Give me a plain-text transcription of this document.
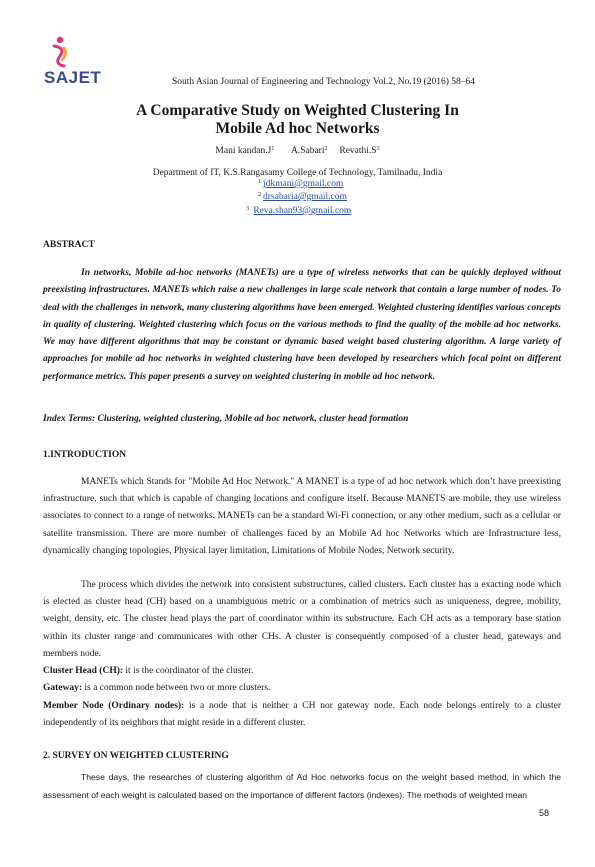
SAJET	South Asian Journal of Engineering and Technology Vol.2, No.19 (2016) 58–64
A Comparative Study on Weighted Clustering In
Mobile Ad hoc Networks
Mani $kandan.J^1$ A.Sabari$^2$ $Revathi.S^3$
Department of IT, K.S.Rangasamy College of Technology, Tamilnadu, India
$^1$ jdkmani@gmail.com
$^2$ drsabaria@gmail.com
$^3$ Reva.shan93@gmail.com
ABSTRACT
In networks, Mobile ad-hoc networks (MANETs) are a type of wireless networks that can be quickly deployed without preexisting infrastructures. MANETs which raise a new challenges in large scale network that contain a large number of nodes. To deal with the challenges in network, many clustering algorithms have been emerged. Weighted clustering identifies various concepts in quality of clustering. Weighted clustering which focus on the various methods to find the quality of the mobile ad hoc networks. We may have different algorithms that may be constant or dynamic based weight based clustering algorithm. A large variety of approaches for mobile ad hoc networks in weighted clustering have been developed by researchers which focal point on different performance metrics. This paper presents a survey on weighted clustering in mobile ad hoc network.
Index Terms: Clustering, weighted clustering, Mobile ad hoc network, cluster head formation
1.INTRODUCTION
MANETs which Stands for "Mobile Ad Hoc Network." A MANET is a type of ad hoc network which don’t have preexisting infrastructure, such that which is capable of changing locations and configure itself. Because MANETS are mobile, they use wireless associates to connect to a range of networks. MANETs can be a standard Wi-Fi connection, or any other medium, such as a cellular or satellite transmission. There are more number of challenges faced by an Mobile Ad hoc Networks which are Infrastructure less, dynamically changing topologies, Physical layer limitation, Limitations of Mobile Nodes, Network security.
The process which divides the network into consistent substructures, called clusters. Each cluster has a exacting node which is elected as cluster head (CH) based on a unambiguous metric or a combination of metrics such as uniqueness, degree, mobility, weight, density, etc. The cluster head plays the part of coordinator within its substructure. Each CH acts as a temporary base station within its cluster range and communicates with other CHs. A cluster is consequently composed of a cluster head, gateways and members node.
Cluster Head (CH): it is the coordinator of the cluster.
Gateway: is a common node between two or more clusters.
Member Node (Ordinary nodes): is a node that is neither a CH nor gateway node. Each node belongs entirely to a cluster independently of its neighbors that might reside in a different cluster.
2. SURVEY ON WEIGHTED CLUSTERING
These days, the researches of clustering algorithm of Ad Hoc networks focus on the weight based method, in which the assessment of each weight is calculated based on the importance of different factors (indexes). The methods of weighted mean
58
